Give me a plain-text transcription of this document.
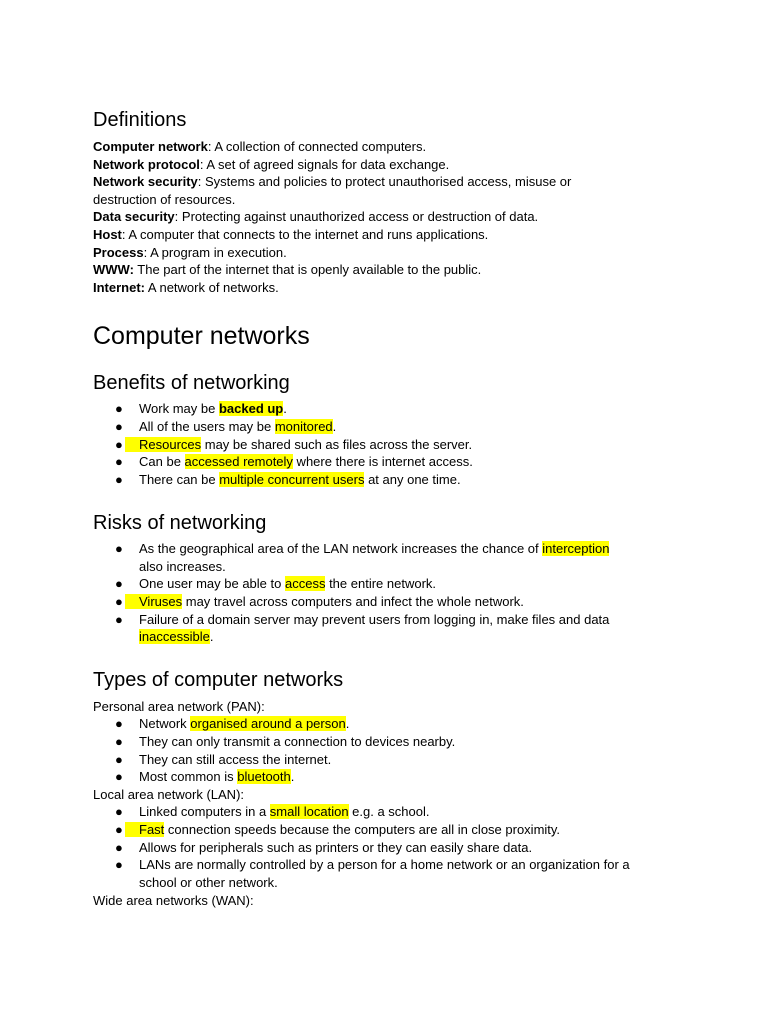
Definitions
Computer network: A collection of connected computers.
Network protocol: A set of agreed signals for data exchange.
Network security: Systems and policies to protect unauthorised access, misuse or
destruction of resources.
Data security: Protecting against unauthorized access or destruction of data.
Host: A computer that connects to the internet and runs applications.
Process: A program in execution.
WWW: The part of the internet that is openly available to the public.
Internet: A network of networks.
Computer networks
Benefits of networking
● Work may be backed up.
● All of the users may be monitored.
● Resources may be shared such as files across the server.
● Can be accessed remotely where there is internet access.
● There can be multiple concurrent users at any one time.
Risks of networking
● As the geographical area of the LAN network increases the chance of interception
also increases.
● One user may be able to access the entire network.
● Viruses may travel across computers and infect the whole network.
● Failure of a domain server may prevent users from logging in, make files and data
inaccessible.
Types of computer networks
Personal area network (PAN):
● Network organised around a person.
● They can only transmit a connection to devices nearby.
● They can still access the internet.
● Most common is bluetooth.
Local area network (LAN):
● Linked computers in a small location e.g. a school.
● Fast connection speeds because the computers are all in close proximity.
● Allows for peripherals such as printers or they can easily share data.
● LANs are normally controlled by a person for a home network or an organization for a
school or other network.
Wide area networks (WAN):
